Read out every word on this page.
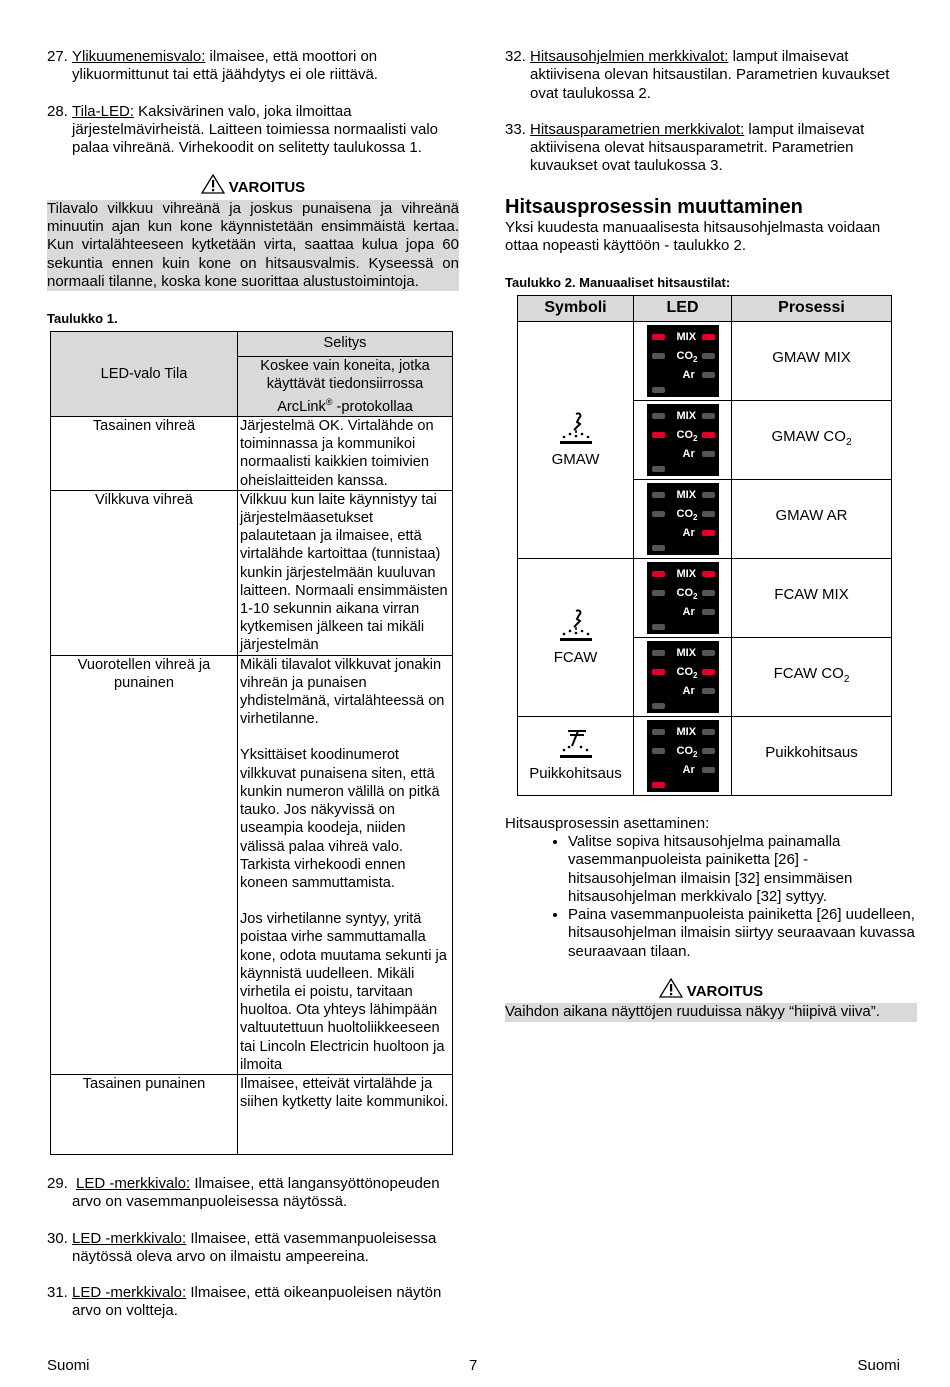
27. Ylikuumenemisvalo: ilmaisee, että moottori on ylikuormittunut tai että jäähdytys ei ole riittävä.

28. Tila-LED: Kaksivärinen valo, joka ilmoittaa järjestelmävirheistä. Laitteen toimiessa normaalisti valo palaa vihreänä. Virhekoodit on selitetty taulukossa 1.

VAROITUS

Tilavalo vilkkuu vihreänä ja joskus punaisena ja vihreänä minuutin ajan kun kone käynnistetään ensimmäistä kertaa. Kun virtalähteeseen kytketään virta, saattaa kulua jopa 60 sekuntia ennen kuin kone on hitsausvalmis. Kyseessä on normaali tilanne, koska kone suorittaa alustustoimintoja.

Taulukko 1.

LED-valo Tila	Selitys
	Koskee vain koneita, jotka käyttävät tiedonsiirrossa ArcLink® -protokollaa
Tasainen vihreä	Järjestelmä OK. Virtalähde on toiminnassa ja kommunikoi normaalisti kaikkien toimivien oheislaitteiden kanssa.

Vilkkuva vihreä	Vilkkuu kun laite käynnistyy tai järjestelmäasetukset palautetaan ja ilmaisee, että virtalähde kartoittaa (tunnistaa)

kunkin järjestelmään kuuluvan laitteen. Normaali ensimmäisten 1-10 sekunnin aikana virran kytkemisen jälkeen tai mikäli järjestelmän

Vuorotellen vihreä ja punainen	Mikäli tilavalot vilkkuvat jonakin vihreän ja punaisen yhdistelmänä, virtalähteessä on virhetilanne.

Yksittäiset koodinumerot vilkkuvat punaisena siten, että kunkin numeron välillä on pitkä tauko. Jos näkyvissä on useampia koodeja, niiden välissä palaa vihreä valo. Tarkista virhekoodi ennen koneen sammuttamista.

Jos virhetilanne syntyy, yritä poistaa virhe sammuttamalla kone, odota muutama sekunti ja käynnistä uudelleen. Mikäli virhetila ei poistu, tarvitaan huoltoa. Ota yhteys lähimpään valtuutettuun huoltoliikkeeseen tai Lincoln Electricin huoltoon ja ilmoita

Tasainen punainen	Ilmaisee, etteivät virtalähde ja siihen kytketty laite kommunikoi.

29. LED -merkkivalo: Ilmaisee, että langansyöttönopeuden arvo on vasemmanpuoleisessa näytössä.

30. LED -merkkivalo: Ilmaisee, että vasemmanpuoleisessa näytössä oleva arvo on ilmaistu ampeereina.

31. LED -merkkivalo: Ilmaisee, että oikeanpuoleisen näytön arvo on voltteja.

32. Hitsausohjelmien merkkivalot: lamput ilmaisevat aktiivisena olevan hitsaustilan. Parametrien kuvaukset ovat taulukossa 2.

33. Hitsausparametrien merkkivalot: lamput ilmaisevat aktiivisena olevat hitsausparametrit. Parametrien kuvaukset ovat taulukossa 3.

Hitsausprosessin muuttaminen

Yksi kuudesta manuaalisesta hitsausohjelmasta voidaan ottaa nopeasti käyttöön - taulukko 2.

Taulukko 2. Manuaaliset hitsaustilat:

Symboli	LED	Prosessi

GMAW	MIX
$CO_2$
Ar	GMAW MIX

	MIX
$CO_2$
Ar	GMAW $CO_2$

	MIX
$CO_2$
Ar	GMAW AR

FCAW	MIX
$CO_2$
Ar	FCAW MIX

	MIX
$CO_2$
Ar	FCAW $CO_2$

Puikkohitsaus	MIX
$CO_2$
Ar	Puikkohitsaus

Hitsausprosessin asettaminen:

• Valitse sopiva hitsausohjelma painamalla vasemmanpuoleista painiketta [26] - hitsausohjelman ilmaisin [32] ensimmäisen hitsausohjelman merkkivalo [32] syttyy.
• Paina vasemmanpuoleista painiketta [26] uudelleen, hitsausohjelman ilmaisin siirtyy seuraavaan kuvassa seuraavaan tilaan.

VAROITUS

Vaihdon aikana näyttöjen ruuduissa näkyy “hiipivä viiva”.

Suomi	7	Suomi
